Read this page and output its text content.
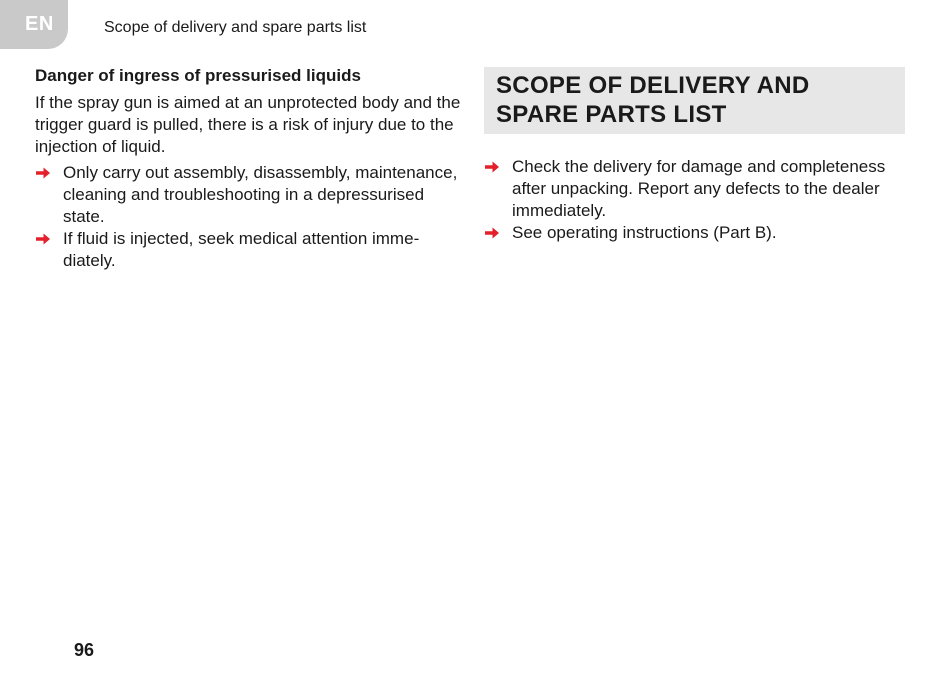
EN	Scope of delivery and spare parts list
Danger of ingress of pressurised liquids
If the spray gun is aimed at an unprotected body and the trigger guard is pulled, there is a risk of injury due to the injection of liquid.
Only carry out assembly, disassembly, maintenance, cleaning and troubleshooting in a depressurised state.
If fluid is injected, seek medical attention immediately.
SCOPE OF DELIVERY AND SPARE PARTS LIST
Check the delivery for damage and completeness after unpacking. Report any defects to the dealer immediately.
See operating instructions (Part B).
96
